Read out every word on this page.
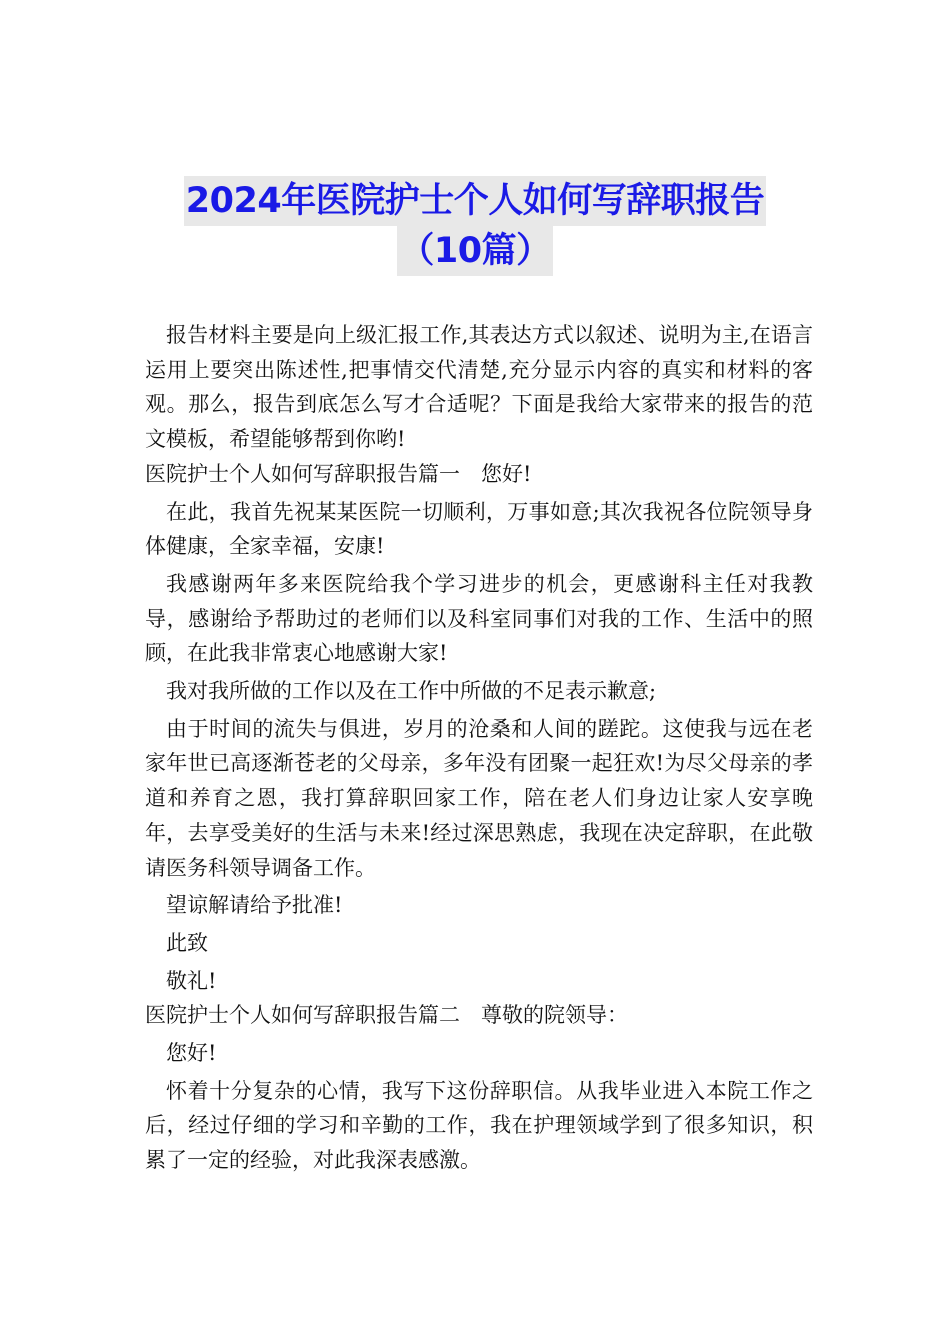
2024年医院护士个人如何写辞职报告
（10篇）

报告材料主要是向上级汇报工作,其表达方式以叙述、说明为主,在语言运用上要突出陈述性,把事情交代清楚,充分显示内容的真实和材料的客观。那么，报告到底怎么写才合适呢？下面是我给大家带来的报告的范文模板，希望能够帮到你哟!

医院护士个人如何写辞职报告篇一　您好!

在此，我首先祝某某医院一切顺利，万事如意;其次我祝各位院领导身体健康，全家幸福，安康!

我感谢两年多来医院给我个学习进步的机会，更感谢科主任对我教导，感谢给予帮助过的老师们以及科室同事们对我的工作、生活中的照顾，在此我非常衷心地感谢大家!

我对我所做的工作以及在工作中所做的不足表示歉意;

由于时间的流失与俱进，岁月的沧桑和人间的蹉跎。这使我与远在老家年世已高逐渐苍老的父母亲，多年没有团聚一起狂欢!为尽父母亲的孝道和养育之恩，我打算辞职回家工作，陪在老人们身边让家人安享晚年，去享受美好的生活与未来!经过深思熟虑，我现在决定辞职，在此敬请医务科领导调备工作。

望谅解请给予批准!

此致

敬礼!

医院护士个人如何写辞职报告篇二　尊敬的院领导：

您好!

怀着十分复杂的心情，我写下这份辞职信。从我毕业进入本院工作之后，经过仔细的学习和辛勤的工作，我在护理领域学到了很多知识，积累了一定的经验，对此我深表感激。
